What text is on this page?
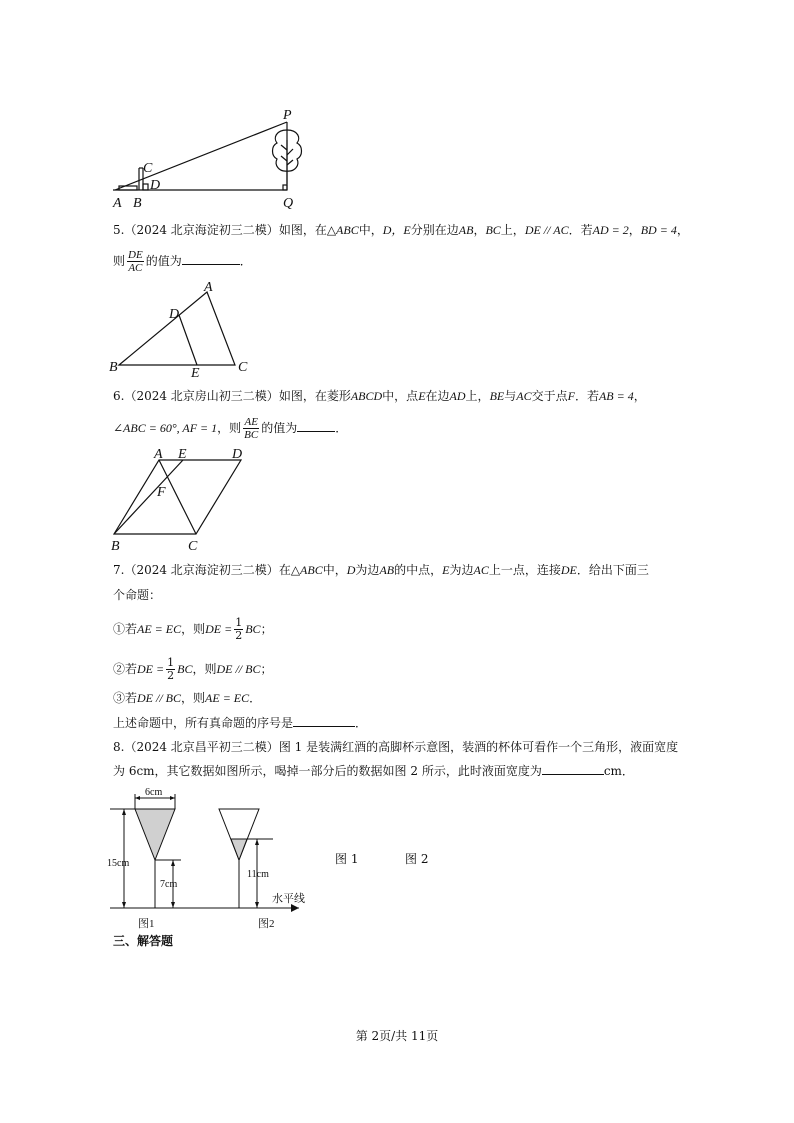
A B
C
D
P
Q
5.（2024 北京海淀初三二模）如图，在△ABC中，D，E分别在边AB，BC上，DE // AC．若AD = 2，BD = 4，
则 $\frac{DE}{AC}$ 的值为	．
A
B	C
D
E
6.（2024 北京房山初三二模）如图，在菱形ABCD中，点E在边AD上，BE与AC交于点F．若AB = 4，
∠ABC = 60°, AF = 1，则 $\frac{AE}{BC}$ 的值为	．
A E	D
F
B	C
7.（2024 北京海淀初三二模）在△ABC中，D为边AB的中点，E为边AC上一点，连接DE．给出下面三
个命题：
①若AE = EC，则DE = $\frac{1}{2}$ BC；
②若DE = $\frac{1}{2}$ BC，则DE // BC；
③若DE // BC，则AE = EC．
上述命题中，所有真命题的序号是	．
8.（2024 北京昌平初三二模）图 1 是装满红酒的高脚杯示意图，装酒的杯体可看作一个三角形，液面宽度
为 6cm，其它数据如图所示，喝掉一部分后的数据如图 2 所示，此时液面宽度为	cm．
6cm
15cm
7cm
11cm
水平线
图1	图2
图 1	图 2
三、解答题
第 2页/共 11页
